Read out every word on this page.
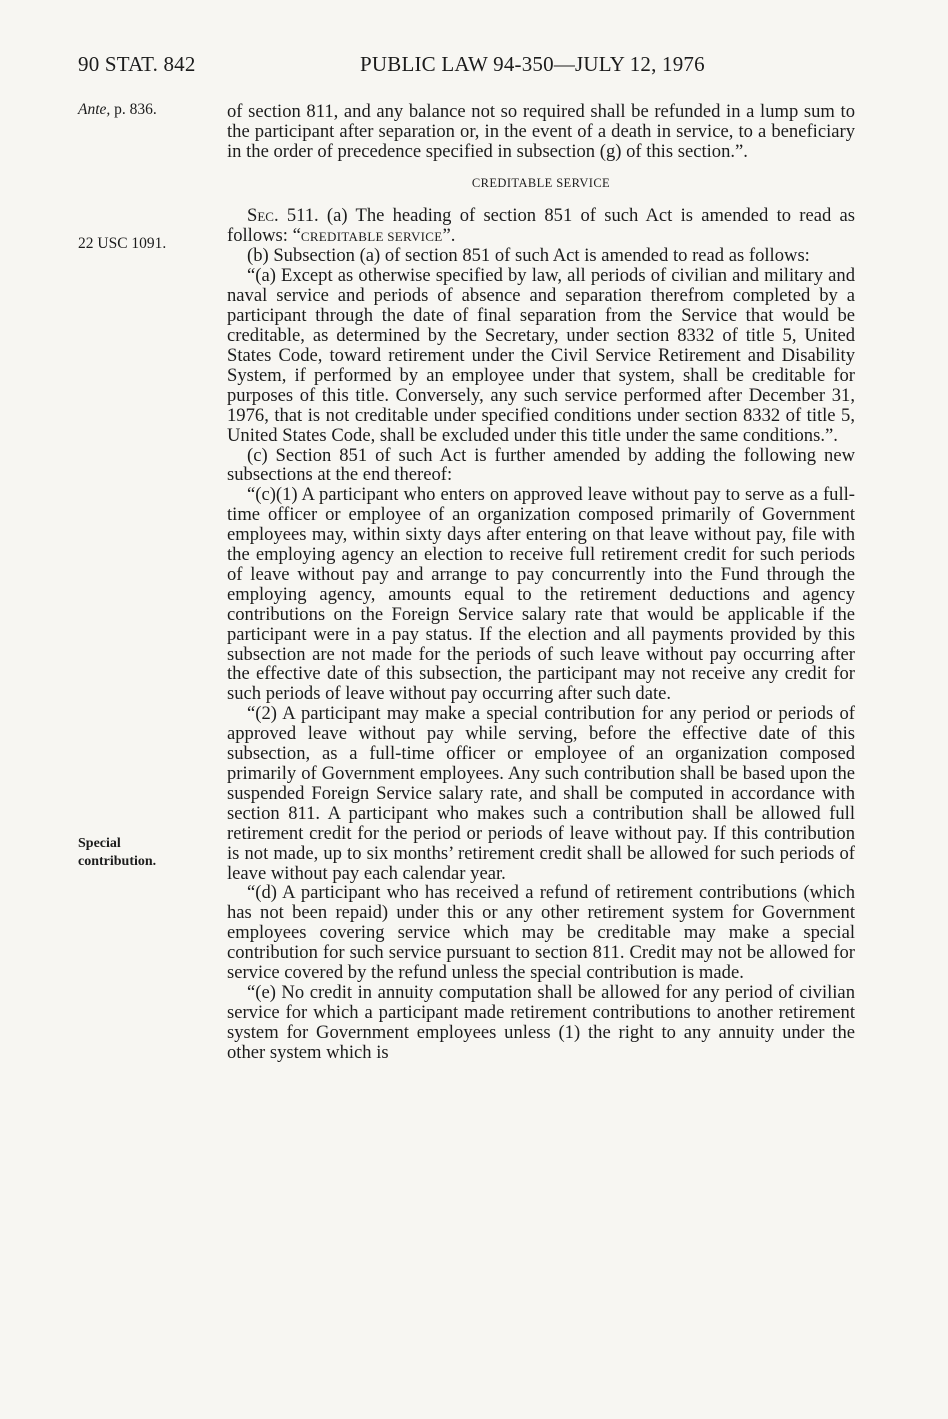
90 STAT. 842	PUBLIC LAW 94-350—JULY 12, 1976
Ante, p. 836.
22 USC 1091.
Special
contribution.

of section 811, and any balance not so required shall be refunded in a lump sum to the participant after separation or, in the event of a death in service, to a beneficiary in the order of precedence specified in subsection (g) of this section.”.

CREDITABLE SERVICE

Sec. 511. (a) The heading of section 851 of such Act is amended to read as follows: “CREDITABLE SERVICE”.

(b) Subsection (a) of section 851 of such Act is amended to read as follows:

“(a) Except as otherwise specified by law, all periods of civilian and military and naval service and periods of absence and separation therefrom completed by a participant through the date of final separation from the Service that would be creditable, as determined by the Secretary, under section 8332 of title 5, United States Code, toward retirement under the Civil Service Retirement and Disability System, if performed by an employee under that system, shall be creditable for purposes of this title. Conversely, any such service performed after December 31, 1976, that is not creditable under specified conditions under section 8332 of title 5, United States Code, shall be excluded under this title under the same conditions.”.

(c) Section 851 of such Act is further amended by adding the following new subsections at the end thereof:

“(c)(1) A participant who enters on approved leave without pay to serve as a full-time officer or employee of an organization composed primarily of Government employees may, within sixty days after entering on that leave without pay, file with the employing agency an election to receive full retirement credit for such periods of leave without pay and arrange to pay concurrently into the Fund through the employing agency, amounts equal to the retirement deductions and agency contributions on the Foreign Service salary rate that would be applicable if the participant were in a pay status. If the election and all payments provided by this subsection are not made for the periods of such leave without pay occurring after the effective date of this subsection, the participant may not receive any credit for such periods of leave without pay occurring after such date.

“(2) A participant may make a special contribution for any period or periods of approved leave without pay while serving, before the effective date of this subsection, as a full-time officer or employee of an organization composed primarily of Government employees. Any such contribution shall be based upon the suspended Foreign Service salary rate, and shall be computed in accordance with section 811. A participant who makes such a contribution shall be allowed full retirement credit for the period or periods of leave without pay. If this contribution is not made, up to six months’ retirement credit shall be allowed for such periods of leave without pay each calendar year.

“(d) A participant who has received a refund of retirement contributions (which has not been repaid) under this or any other retirement system for Government employees covering service which may be creditable may make a special contribution for such service pursuant to section 811. Credit may not be allowed for service covered by the refund unless the special contribution is made.

“(e) No credit in annuity computation shall be allowed for any period of civilian service for which a participant made retirement contributions to another retirement system for Government employees unless (1) the right to any annuity under the other system which is
